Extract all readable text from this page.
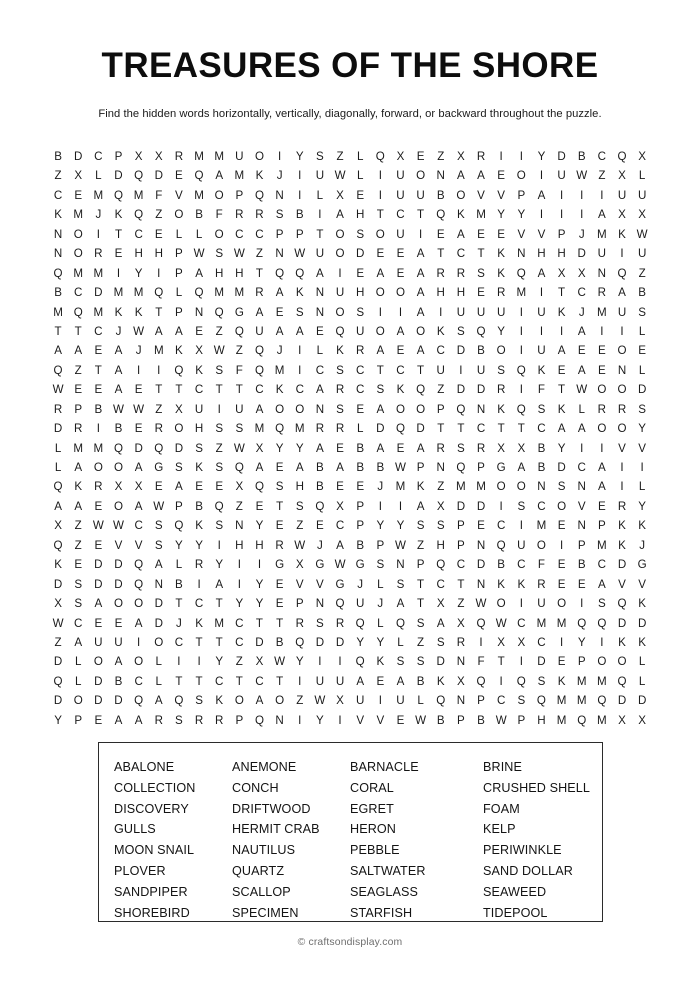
TREASURES OF THE SHORE

Find the hidden words horizontally, vertically, diagonally, forward, or backward throughout the puzzle.

B	D	C	P	X	X	R M M U O	I	Y	S	Z	L	Q	X	E	Z	X	R	I	I	Y	D	B	C Q	X
Z	X	L	D Q D	E	Q	A M K	J	I	U W L	I	U O N	A	A	E	O	I	U W Z	X	L
C	E M Q M	F	V M O	P	Q N	I	L	X	E	I	U	U	B	O	V	V	P	A	I	I	I	U	U
K M	J	K	Q	Z	O	B	F	R	R	S	B	I	A	H	T	C	T	Q	K M Y	Y	I	I	I	A	X	X
N O	I	T	C	E	L	L	O C	C	P	P	T	O	S	O U	I	E	A	E	E	V	V	P	J	M K W
N O R	E	H	H	P W S W Z	N W U O D	E	E	A	T	C	T	K	N	H	H	D	U	I	U
Q M M	I	Y	I	P	A	H	H	T	Q Q	A	I	E	A	E	A	R	R	S	K	Q	A	X	X	N Q	Z
B	C	D M M Q	L	Q M M R	A	K	N	U	H O O	A	H	H	E	R M	I	T	C	R	A	B
M Q M K	K	T	P	N Q G	A	E	S	N O	S	I	I	A	I	U	U	U	I	U	K	J	M U	S
T	T	C	J	W A	A	E	Z	Q U	A	A	E	Q U O	A	O	K	S	Q	Y	I	I	I	A	I	I	L
A	A	E	A	J	M K	X W Z	Q	J	I	L	K	R	A	E	A	C	D	B	O	I	U	A	E	E	O	E
Q	Z	T	A	I	I	Q	K	S	F	Q M	I	C	S	C	T	C	T	U	I	U	S	Q	K	E	A	E	N	L
W E	E	A	E	T	T	C	T	T	C	K	C	A	R	C	S	K	Q	Z	D	D	R	I	F	T W O O D
R	P	B W W Z	X	U	I	U	A	O O N	S	E	A	O O	P	Q N	K	Q	S	K	L	R	R	S
D	R	I	B	E	R O H	S	S M Q M R	R	L	D Q D	T	T	C	T	T	C	A	A	O O	Y
L	M M Q D Q D	S	Z W X	Y	Y	A	E	B	A	E	A	R	S	R	X	X	B	Y	I	I	V	V
L	A	O O	A	G	S	K	S	Q	A	E	A	B	A	B	B W P	N Q	P	G	A	B	D	C	A	I	I
Q	K	R	X	X	E	A	E	E	X	Q	S	H	B	E	E	J	M K	Z	M M O O N	S	N	A	I	L
A	A	E	O	A W P	B	Q	Z	E	T	S	Q	X	P	I	I	A	X	D	D	I	S	C O	V	E	R	Y
X	Z W W C	S	Q	K	S	N	Y	E	Z	E	C	P	Y	Y	S	S	P	E	C	I	M E	N	P	K	K
Q	Z	E	V	V	S	Y	Y	I	H	H	R W	J	A	B	P W Z	H	P	N Q U O	I	P M K	J
K	E	D	D Q	A	L	R	Y	I	I	G	X	G W G	S	N	P	Q C	D	B	C	F	E	B	C	D G
D	S	D	D Q N	B	I	A	I	Y	E	V	V	G	J	L	S	T	C	T	N	K	K	R	E	E	A	V	V
X	S	A	O O D	T	C	T	Y	Y	E	P	N Q U	J	A	T	X	Z W O	I	U O	I	S	Q	K
W C	E	E	A	D	J	K M C	T	T	R	S	R Q	L	Q	S	A	X	Q W C M M Q Q D	D
Z	A	U	U	I	O C	T	T	C	D	B	Q D	D	Y	Y	L	Z	S	R	I	X	X	C	I	Y	I	K	K
D	L	O	A	O	L	I	I	Y	Z	X W Y	I	I	Q	K	S	S	D	N	F	T	I	D	E	P	O O	L
Q	L	D	B	C	L	T	T	C	T	C	T	I	U	U	A	E	A	B	K	X	Q	I	Q	S	K M M Q	L
D O D	D Q	A	Q	S	K	O	A	O	Z W X	U	I	U	L	Q N	P	C	S	Q M M Q D	D
Y	P	E	A	A	R	S	R	R	P	Q N	I	Y	I	V	V	E W B	P	B W P	H M Q M X	X
ABALONE	ANEMONE	BARNACLE	BRINE
COLLECTION	CONCH	CORAL	CRUSHED SHELL
DISCOVERY	DRIFTWOOD	EGRET	FOAM
GULLS	HERMIT CRAB	HERON	KELP
MOON SNAIL	NAUTILUS	PEBBLE	PERIWINKLE
PLOVER	QUARTZ	SALTWATER	SAND DOLLAR
SANDPIPER	SCALLOP	SEAGLASS	SEAWEED
SHOREBIRD	SPECIMEN	STARFISH	TIDEPOOL
© craftsondisplay.com
